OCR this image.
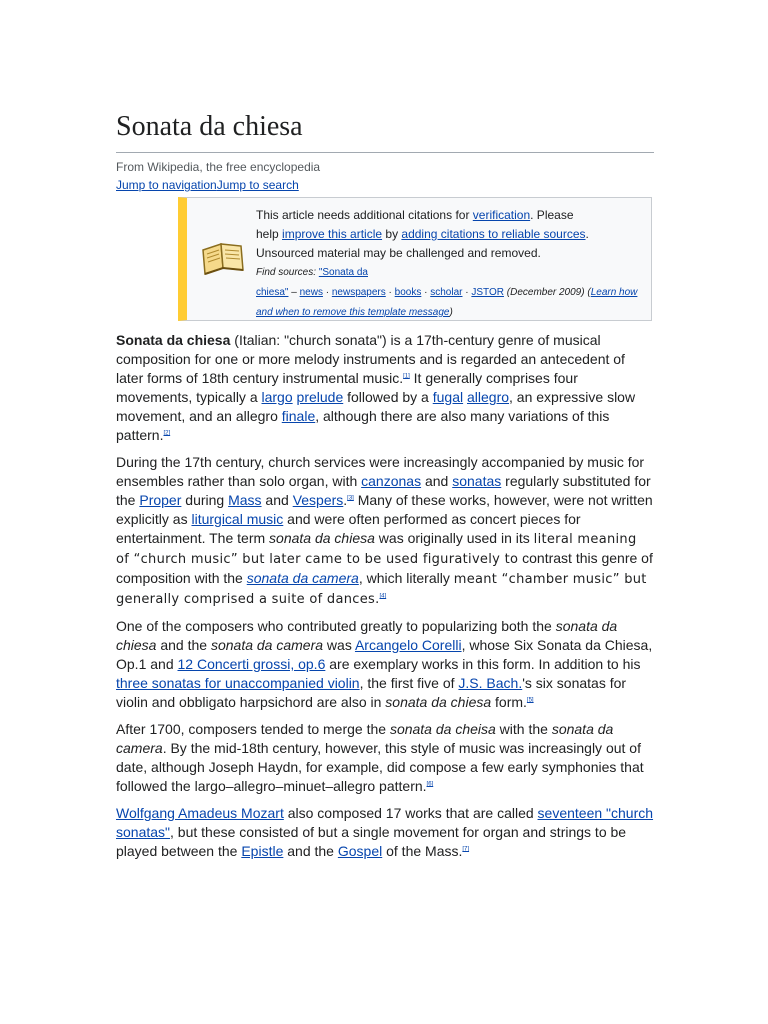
Sonata da chiesa
From Wikipedia, the free encyclopedia
Jump to navigationJump to search
This article needs additional citations for verification. Please
help improve this article by adding citations to reliable sources.
Unsourced material may be challenged and removed.
Find sources: "Sonata da
chiesa" – news · newspapers · books · scholar · JSTOR (December 2009) (Learn how and when to remove this template message)

Sonata da chiesa (Italian: "church sonata") is a 17th-century genre of musical composition for one or more melody instruments and is regarded an antecedent of later forms of 18th century instrumental music.[1] It generally comprises four movements, typically a largo prelude followed by a fugal allegro, an expressive slow movement, and an allegro finale, although there are also many variations of this pattern.[2]

During the 17th century, church services were increasingly accompanied by music for ensembles rather than solo organ, with canzonas and sonatas regularly substituted for the Proper during Mass and Vespers.[3] Many of these works, however, were not written explicitly as liturgical music and were often performed as concert pieces for entertainment. The term sonata da chiesa was originally used in its literal meaning of “church music” but later came to be used figuratively to contrast this genre of composition with the sonata da camera, which literally meant “chamber music” but generally comprised a suite of dances.[4]

One of the composers who contributed greatly to popularizing both the sonata da chiesa and the sonata da camera was Arcangelo Corelli, whose Six Sonata da Chiesa, Op.1 and 12 Concerti grossi, op.6 are exemplary works in this form. In addition to his three sonatas for unaccompanied violin, the first five of J.S. Bach.'s six sonatas for violin and obbligato harpsichord are also in sonata da chiesa form.[5]

After 1700, composers tended to merge the sonata da cheisa with the sonata da camera. By the mid-18th century, however, this style of music was increasingly out of date, although Joseph Haydn, for example, did compose a few early symphonies that followed the largo–allegro–minuet–allegro pattern.[6]

Wolfgang Amadeus Mozart also composed 17 works that are called seventeen "church sonatas", but these consisted of but a single movement for organ and strings to be played between the Epistle and the Gospel of the Mass.[7]
